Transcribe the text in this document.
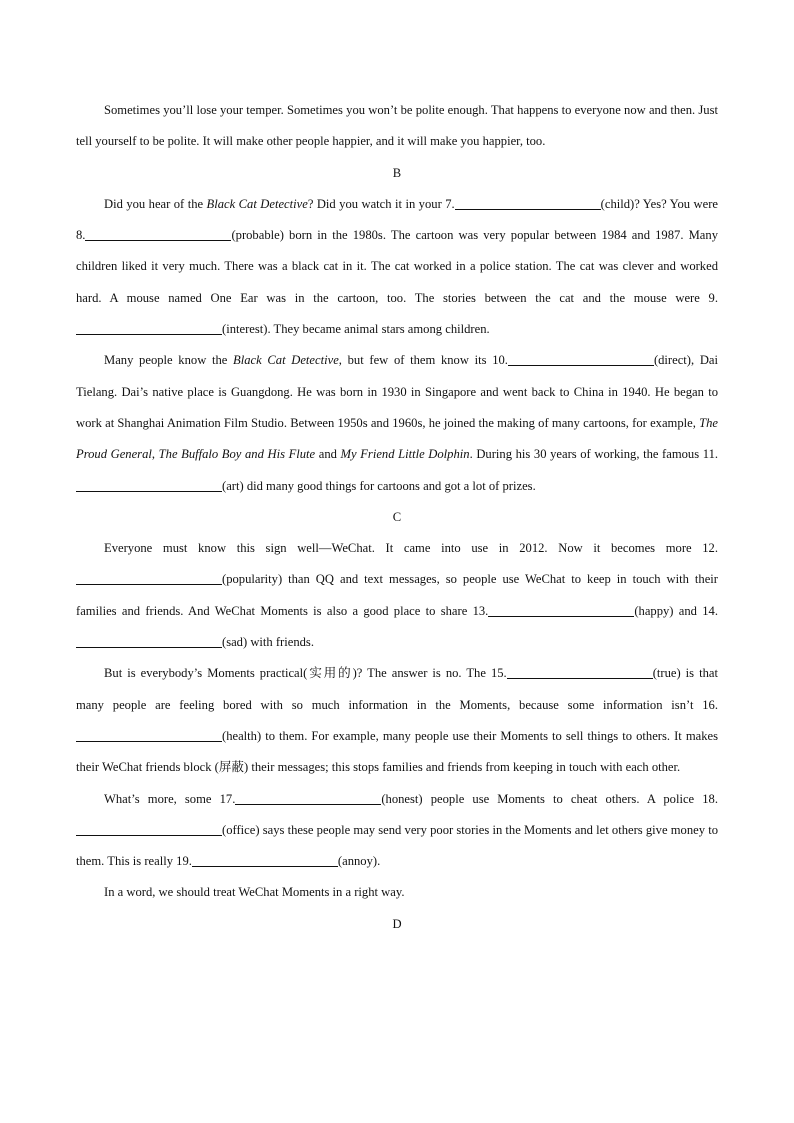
Sometimes you’ll lose your temper. Sometimes you won’t be polite enough. That happens to everyone now and then. Just tell yourself to be polite. It will make other people happier, and it will make you happier, too.

B

Did you hear of the Black Cat Detective? Did you watch it in your 7.	(child)? Yes? You were 8.	(probable) born in the 1980s. The cartoon was very popular between 1984 and 1987. Many children liked it very much. There was a black cat in it. The cat worked in a police station. The cat was clever and worked hard. A mouse named One Ear was in the cartoon, too. The stories between the cat and the mouse were 9.(interest). They became animal stars among children.

Many people know the Black Cat Detective, but few of them know its 10.	(direct), Dai Tielang. Dai’s native place is Guangdong. He was born in 1930 in Singapore and went back to China in 1940. He began to work at Shanghai Animation Film Studio. Between 1950s and 1960s, he joined the making of many cartoons, for example, The Proud General, The Buffalo Boy and His Flute and My Friend Little Dolphin. During his 30 years of working, the famous 11.(art) did many good things for cartoons and got a lot of prizes.

C

Everyone must know this sign well—WeChat. It came into use in 2012. Now it becomes more 12.(popularity) than QQ and text messages, so people use WeChat to keep in touch with their families and friends. And WeChat Moments is also a good place to share 13.	(happy) and 14.(sad) with friends.

But is everybody’s Moments practical(实用的)? The answer is no. The 15.	(true) is that many people are feeling bored with so much information in the Moments, because some information isn’t 16.(health) to them. For example, many people use their Moments to sell things to others. It makes their WeChat friends block (屏蔽) their messages; this stops families and friends from keeping in touch with each other.

What’s more, some 17.	(honest) people use Moments to cheat others. A police 18.(office) says these people may send very poor stories in the Moments and let others give money to them. This is really 19.	(annoy).

In a word, we should treat WeChat Moments in a right way.

D
